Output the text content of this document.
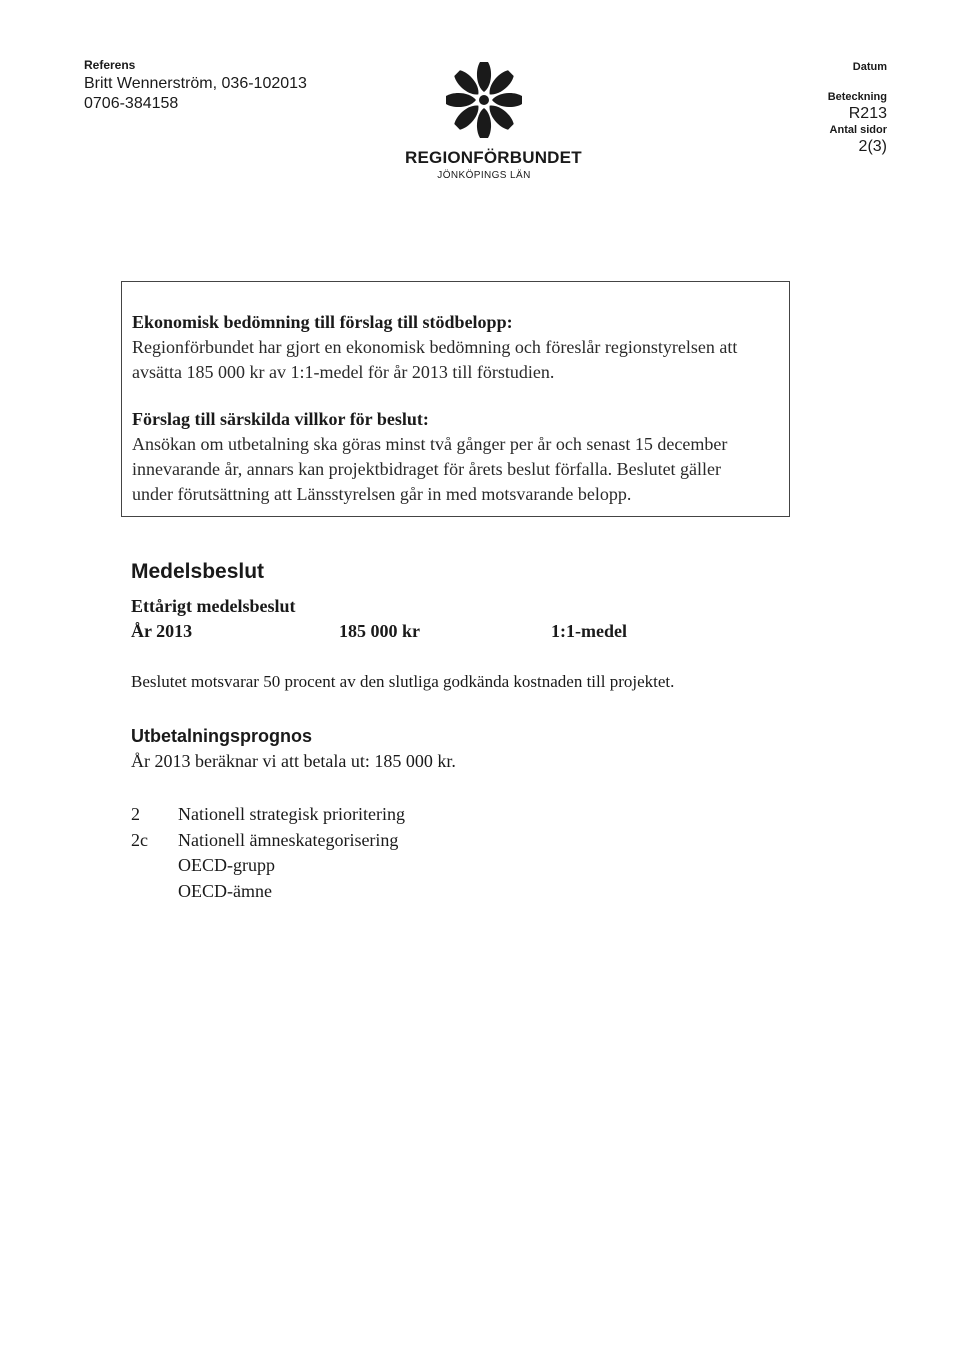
Referens
Britt Wennerström, 036-102013
0706-384158
REGIONFÖRBUNDET
JÖNKÖPINGS LÄN
Datum
Beteckning
R213
Antal sidor
2(3)

Ekonomisk bedömning till förslag till stödbelopp:

Regionförbundet har gjort en ekonomisk bedömning och föreslår regionstyrelsen att

avsätta 185 000 kr av 1:1-medel för år 2013 till förstudien.

Förslag till särskilda villkor för beslut:

Ansökan om utbetalning ska göras minst två gånger per år och senast 15 december

innevarande år, annars kan projektbidraget för årets beslut förfalla. Beslutet gäller

under förutsättning att Länsstyrelsen går in med motsvarande belopp.

Medelsbeslut
Ettårigt medelsbeslut
År 2013	185 000 kr	1:1-medel
Beslutet motsvarar 50 procent av den slutliga godkända kostnaden till projektet.
Utbetalningsprognos
År 2013 beräknar vi att betala ut: 185 000 kr.
2	Nationell strategisk prioritering
2c	Nationell ämneskategorisering
OECD-grupp
OECD-ämne
